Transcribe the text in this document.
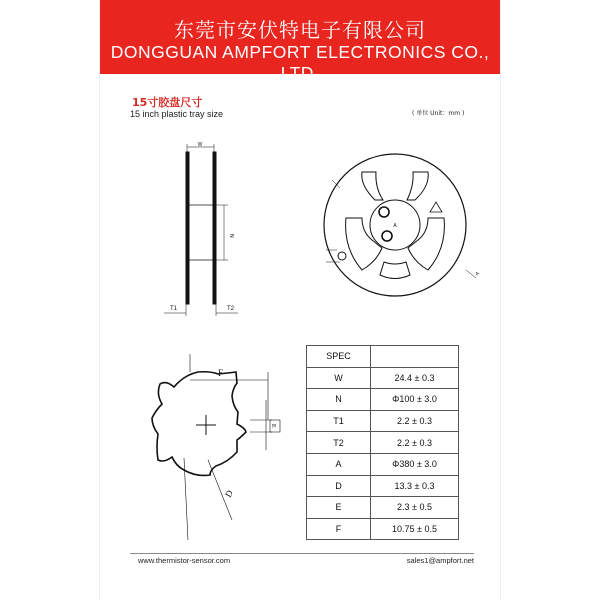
东莞市安伏特电子有限公司
DONGGUAN AMPFORT ELECTRONICS CO., LTD.
15寸胶盘尺寸
15 inch plastic tray size	( 单位 Unit：mm )
W
N
T1	T2
A
A
F
E
D
SPEC	
W	24.4 ± 0.3
N	Φ100 ± 3.0
T1	2.2 ± 0.3
T2	2.2 ± 0.3
A	Φ380 ± 3.0
D	13.3 ± 0.3
E	2.3 ± 0.5
F	10.75 ± 0.5
www.thermistor-sensor.com	sales1@ampfort.net
